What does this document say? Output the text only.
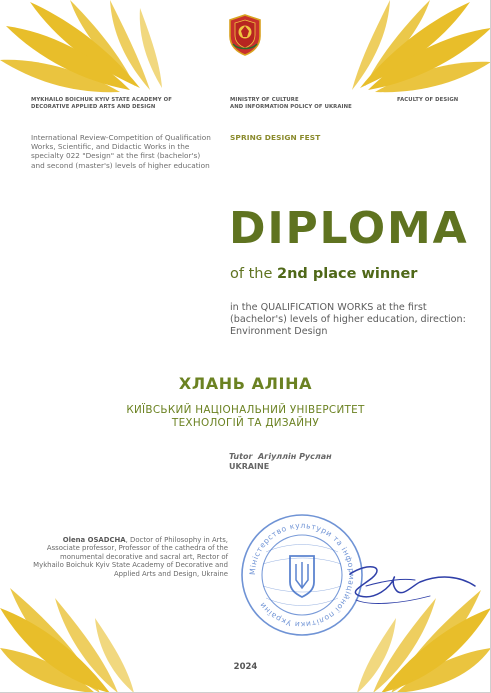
MYKHAILO BOICHUK KYIV STATE ACADEMY OF DECORATIVE APPLIED ARTS AND DESIGN
MINISTRY OF CULTURE
AND INFORMATION POLICY OF UKRAINE
FACULTY OF DESIGN
International Review-Competition of Qualification Works, Scientific, and Didactic Works in the specialty 022 "Design" at the first (bachelor's) and second (master's) levels of higher education
SPRING DESIGN FEST
DIPLOMA
of the 2nd place winner
in the QUALIFICATION WORKS at the first (bachelor's) levels of higher education, direction: Environment Design
ХЛАНЬ АЛІНА
КИЇВСЬКИЙ НАЦІОНАЛЬНИЙ УНІВЕРСИТЕТ
ТЕХНОЛОГІЙ ТА ДИЗАЙНУ
Tutor Агіуллін Руслан
UKRAINE
Olena OSADCHA, Doctor of Philosophy in Arts, Associate professor, Professor of the cathedra of the monumental decorative and sacral art, Rector of Mykhailo Boichuk Kyiv State Academy of Decorative and Applied Arts and Design, Ukraine	Міністерство культури та інформаційної політики України
2024
